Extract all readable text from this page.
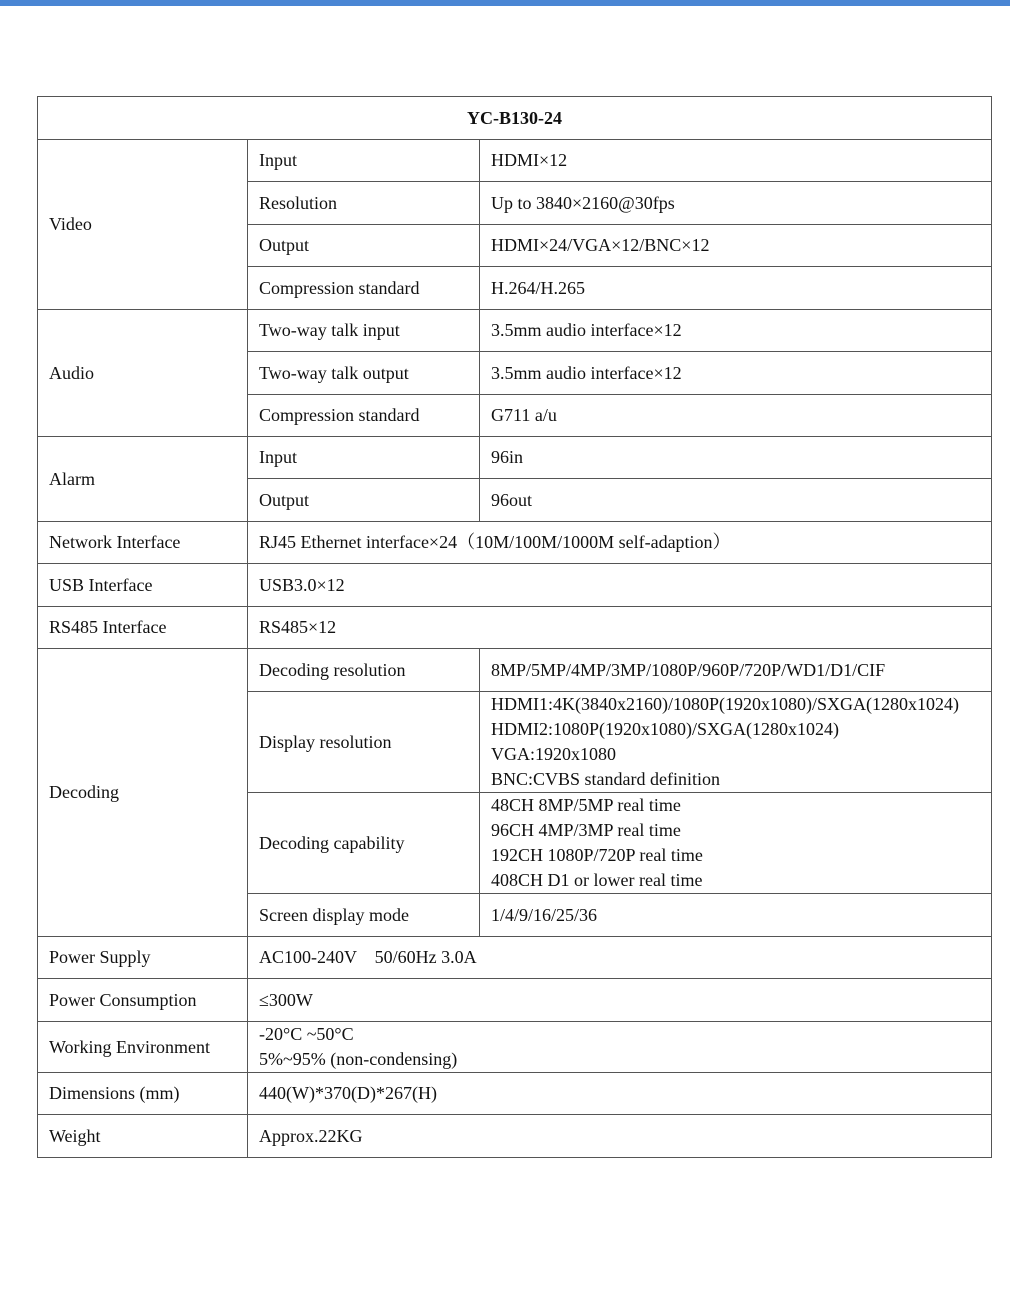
YC-B130-24		
Video	Input	HDMI×12
	Resolution	Up to 3840×2160@30fps
	Output	HDMI×24/VGA×12/BNC×12
	Compression standard	H.264/H.265
Audio	Two-way talk input	3.5mm audio interface×12
	Two-way talk output	3.5mm audio interface×12
	Compression standard	G711 a/u
Alarm	Input	96in
	Output	96out
Network Interface	RJ45 Ethernet interface×24（10M/100M/1000M self-adaption）	
USB Interface	USB3.0×12	
RS485 Interface	RS485×12	
Decoding	Decoding resolution	8MP/5MP/4MP/3MP/1080P/960P/720P/WD1/D1/CIF
	Display resolution	HDMI1:4K(3840x2160)/1080P(1920x1080)/SXGA(1280x1024)
HDMI2:1080P(1920x1080)/SXGA(1280x1024)
VGA:1920x1080
BNC:CVBS standard definition

	Decoding capability	48CH 8MP/5MP real time
96CH 4MP/3MP real time
192CH 1080P/720P real time
408CH D1 or lower real time

	Screen display mode	1/4/9/16/25/36
Power Supply	AC100-240V    50/60Hz 3.0A	
Power Consumption	≤300W	
Working Environment	-20°C ~50°C
5%~95% (non-condensing)	

Dimensions (mm)	440(W)*370(D)*267(H)	
Weight	Approx.22KG	
